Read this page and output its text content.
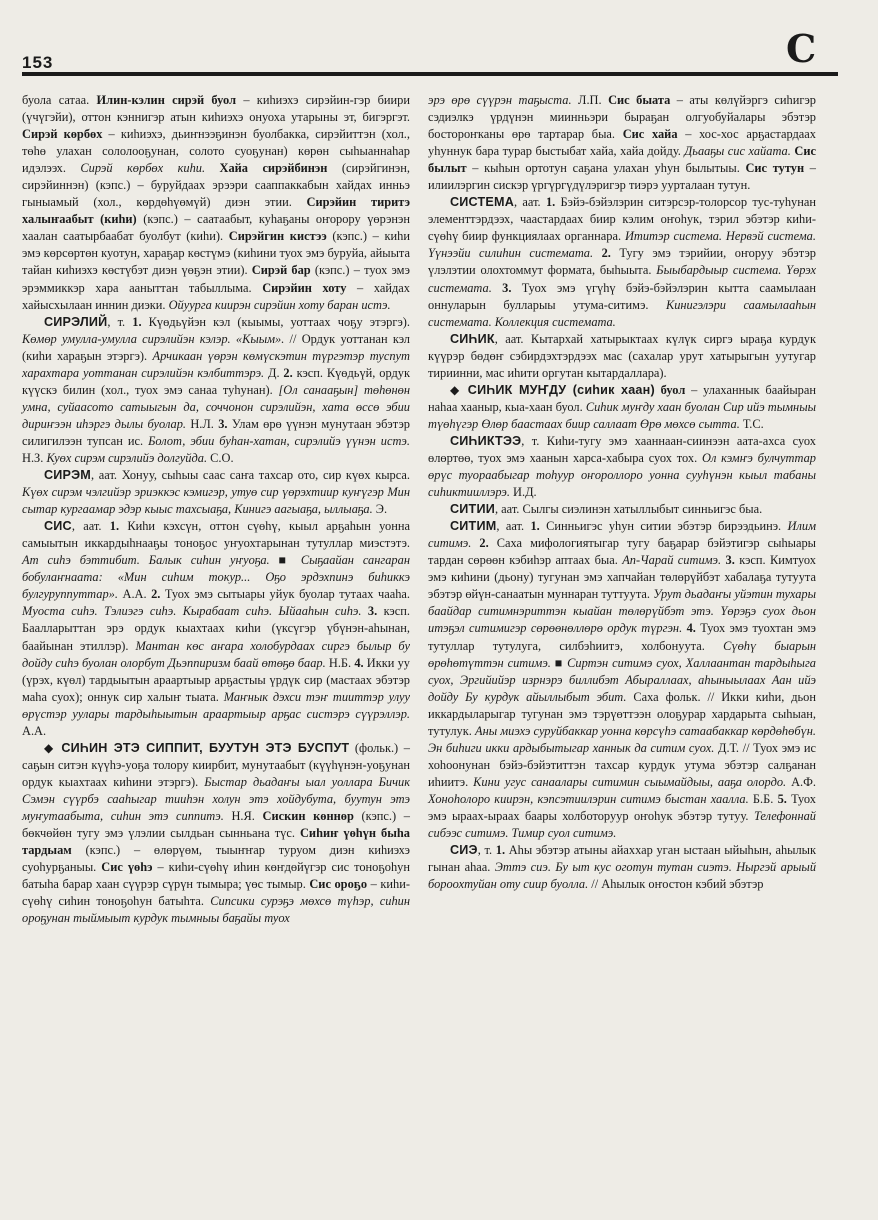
153	С

буола сатаа. Илин-кэлин сирэй буол – киһиэхэ сирэйин-гэр биири (үчүгэйи), оттон кэннигэр атын киһиэхэ онуоха утарыны эт, бигэргэт. Сирэй көрбөх – киһиэхэ, дьиҥнээҕинэн буолбакка, сирэйиттэн (хол., төһө улахан сололооҕунан, солото суоҕунан) көрөн сыһыаннаһар идэлээх. Сирэй көрбөх киһи. Хайа сирэйбинэн (сирэйгинэн, сирэйиннэн) (кэпс.) – буруйдаах эрээри сааппаккабын хайдах инньэ гыныамый (хол., көрдөһүөмүй) диэн этии. Сирэйин тиритэ халыҥаабыт (киһи) (кэпс.) – саатаабыт, куһаҕаны оҥорору үөрэнэн хаалан саатырбаабат буолбут (киһи). Сирэйгин кистээ (кэпс.) – киһи эмэ көрсөртөн куотун, хараҕар көстүмэ (киһини туох эмэ буруйа, айыыта тайан киһиэхэ көстүбэт диэн үөҕэн этии). Сирэй бар (кэпс.) – туох эмэ эрэммиккэр хара ааныттан табыллыма. Сирэйин хоту – хайдах хайысхылаан иннин диэки. Ойуурга киирэн сирэйин хоту баран истэ.

СИРЭЛИЙ, т. 1. Күөдьүйэн кэл (кыымы, уоттаах чоҕу этэргэ). Көмөр умулла-умулла сирэлийэн кэлэр. «Кыым». // Ордук уоттанан кэл (киһи хараҕын этэргэ). Арчикаан үөрэн көмүскэтин түргэтэр туспут харахтара уоттанан сирэлийэн кэлбиттэрэ. Д. 2. кэсп. Күөдьүй, ордук күүскэ билин (хол., туох эмэ санаа туһунан). [Ол санааҕын] төһөнөн умна, суйаасото сатыыгын да, соччонон сирэлийэн, хата өссө эбии дириҥээн иһэргэ дылы буолар. Н.Л. 3. Улам өрө үүнэн мунутаан эбэтэр силигилээн тупсан ис. Болот, эбии буһан-хатан, сирэлийэ үүнэн истэ. Н.З. Куөх сирэм сирэлийэ долгуйда. С.О.

СИРЭМ, аат. Хонуу, сыһыы саас саҥа тахсар ото, сир күөх кырса. Күөх сирэм чэлгийэр эриэккэс кэмигэр, утуө сир үөрэхтиир куҥүгэр Мин сытар кургаамар эдэр кыыс тахсыаҕа, Кинигэ аагыаҕа, ыллыаҕа. Э.

СИС, аат. 1. Киһи кэхсүн, оттон сүөһү, кыыл арҕаһын уонна самыытын иккардыһнааҕы тоноҕос уҥуохтарынан тутуллар миэстэтэ. Ат сиһэ бэттибит. Балык сиһин уҥуоҕа. ■ Сыҕаайан сангаран бобулаҥнаата: «Мин сиһим токур... Оҕо эрдэхпинэ биһиккэ булгуруппуттар». А.А. 2. Туох эмэ сытыары уйук буолар тутаах чааһа. Муоста сиһэ. Тэлиэгэ сиһэ. Кырабаат сиһэ. Ыйааһын сиһэ. 3. кэсп. Баалларыттан эрэ ордук кыахтаах киһи (үксүгэр үбүнэн-аһынан, баайынан этиллэр). Мантан көс аҥара холобурдаах сиргэ былыр бу дойду сиһэ буолан олорбут Дьэппиризм баай өтөҕө баар. Н.Б. 4. Икки уу (үрэх, күөл) тардыытын араартыыр арҕастыы үрдүк сир (мастаах эбэтэр маһа суох); оннук сир халыҥ тыата. Маҥнык дэхси тэҥ тииттэр улуу өрүстэр уулары тардыһыытын араартыыр арҕас систэрэ сүүрэллэр. А.А.

◆ СИҺИН ЭТЭ СИППИТ, БУУТУН ЭТЭ БУСПУТ (фольк.) – саҕын ситэн күүһэ-уоҕа толору киирбит, мунутаабыт (күүһүнэн-уоҕунан ордук кыахтаах киһини этэргэ). Быстар дьадаҥы ыал уоллара Бичик Сэмэн сүүрбэ сааһыгар тииһэн холун этэ хойдубута, буутун этэ муҥутаабыта, сиһин этэ сиппитэ. Н.Я. Сискин көннөр (кэпс.) – бөкчөйөн тугу эмэ үлэлии сылдьан сынньана түс. Сиһиҥ үөһүн быһа тардыам (кэпс.) – өлөрүөм, тыыҥҥар туруом диэн киһиэхэ суоһурҕаныы. Сис үөһэ – киһи-сүөһү иһин көҥдөйүгэр сис тоноҕоһун батыһа барар хаан сүүрэр сүрүн тымыра; үөс тымыр. Сис ороҕо – киһи-сүөһү сиһин тоноҕоһун батыһта. Сипсики сурэҕэ мөхсө түһэр, сиһин ороҕунан тыймыыт курдук тымныы баҕайы туох

эрэ өрө сүүрэн таҕыста. Л.П. Сис быата – аты көлүйэргэ сиһигэр сэдиэлкэ үрдүнэн миинньэри быраҕан олгуобуйалары эбэтэр бостороҥканы өрө тартарар быа. Сис хайа – хос-хос арҕастардаах уһуннук бара турар быстыбат хайа, хайа дойду. Дьааҕы сис хайата. Сис былыт – кыһын ортотун саҕана улахан уһун былытыы. Сис тутун – илиилэргин сискэр үргүргүдүлэригэр тиэрэ уурталаан тутун.

СИСТЕМА, аат. 1. Бэйэ-бэйэлэрин ситэрсэр-толорсор тус-туһунан элементтэрдээх, чаастардаах биир кэлим оҥоһук, тэрил эбэтэр киһи-сүөһү биир функциялаах органнара. Ититэр система. Нервэй система. Үүнээйи силиһин систематa. 2. Тугу эмэ тэрийии, оҥоруу эбэтэр үлэлэтии олохтоммут формата, быһыыта. Быыбардыыр система. Үөрэх системата. 3. Туох эмэ үгүһү бэйэ-бэйэлэрин кытта саамылаан оннуларын булларыы утума-ситимэ. Кинигэлэри саамылааһын систематa. Коллекция систематa.

СИҺИК, аат. Кытархай хатырыктаах күлүк сиргэ ыраҕа курдук күүрэр бөдөҥ сэбирдэхтэрдээх мас (сахалар урут хатырыгын уутугар тириинни, мас иһити оргутан кытардаллара).

◆ СИҺИК МУҤДУ (сиһик хаан) буол – улаханнык баайыран наһаа хааныр, кыа-хаан буол. Сиһик муҥду хаан буолан Сир ийэ тымныы түөһүгэр Өлөр баастаах биир саллаат Өрө мөхсө сытта. Т.С.

СИҺИКТЭЭ, т. Киһи-тугу эмэ хааннаан-сиинээн аата-ахса суох өлөртөө, туох эмэ хаанын харса-хабыра суох тох. Ол кэмҥэ булчуттар өрүс туораабыгар тоһуур оҥороллоро уонна сууһүнэн кыыл табаны сиһиктииллэрэ. И.Д.

СИТИИ, аат. Сылгы сиэлинэн хатыллыбыт синньигэс быа.

СИТИМ, аат. 1. Синньигэс уһун ситии эбэтэр бирээдьинэ. Илим ситимэ. 2. Саха мифологиятыгар тугу баҕарар бэйэтигэр сыһыары тардан сөрөөн кэбиһэр аптаах быа. Ап-Чарай ситимэ. 3. кэсп. Кимтуох эмэ киһини (дьону) тугунан эмэ хапчайан төлөрүйбэт хабалаҕа тутуута эбэтэр өйүн-санаатын муннаран туттуута. Урут дьадаҥы уйэтин тухары баайдар ситимнэриттэн кыайан төлөрүйбэт этэ. Үөрэҕэ суох дьон итэҕэл ситимигэр сөрөөнөллөрө ордук түргэн. 4. Туох эмэ туохтан эмэ тутуллар тутулуга, силбэһиитэ, холбонуута. Сүөһү быарын өрөһөтүттэн ситимэ. ■ Сиртэн ситимэ суох, Халлаантан тардыһыга суох, Эргийийэр изрнэрэ биллибэт Абыраллаах, аһыныылаах Аан ийэ дойду Бу курдук айыллыбыт эбит. Саха фольк. // Икки киһи, дьон иккардыларыгар тугунан эмэ тэрүөттээн олоҕурар хардарыта сыһыан, тутулук. Аны миэхэ суруйбаккар уонна көрсүһэ сатаабаккар көрдөһөбүн. Эн биһиги икки ардыбытыгар ханнык да ситим суох. Д.Т. // Туох эмэ ис хоһоонунан бэйэ-бэйэтиттэн тахсар курдук утума эбэтэр салҕанан иһиитэ. Кини угус санаалары ситимин сыымайдыы, ааҕа олордо. А.Ф. Хоноһолоро киирэн, кэпсэтиилэрин ситимэ быстан хаалла. Б.Б. 5. Туох эмэ ыраах-ыраах баары холботоруур оҥоһук эбэтэр тутуу. Телефоннай сибээс ситимэ. Тимир суол ситимэ.

СИЭ, т. 1. Аһы эбэтэр атыны айаххар уган ыстаан ыйыһын, аһылык гынан аһаа. Эттэ сиэ. Бу ыт кус оготун тутан сиэтэ. Ныргэй арыый бороохтуйан оту сиир буолла. // Аһылык оҥостон кэбий эбэтэр
